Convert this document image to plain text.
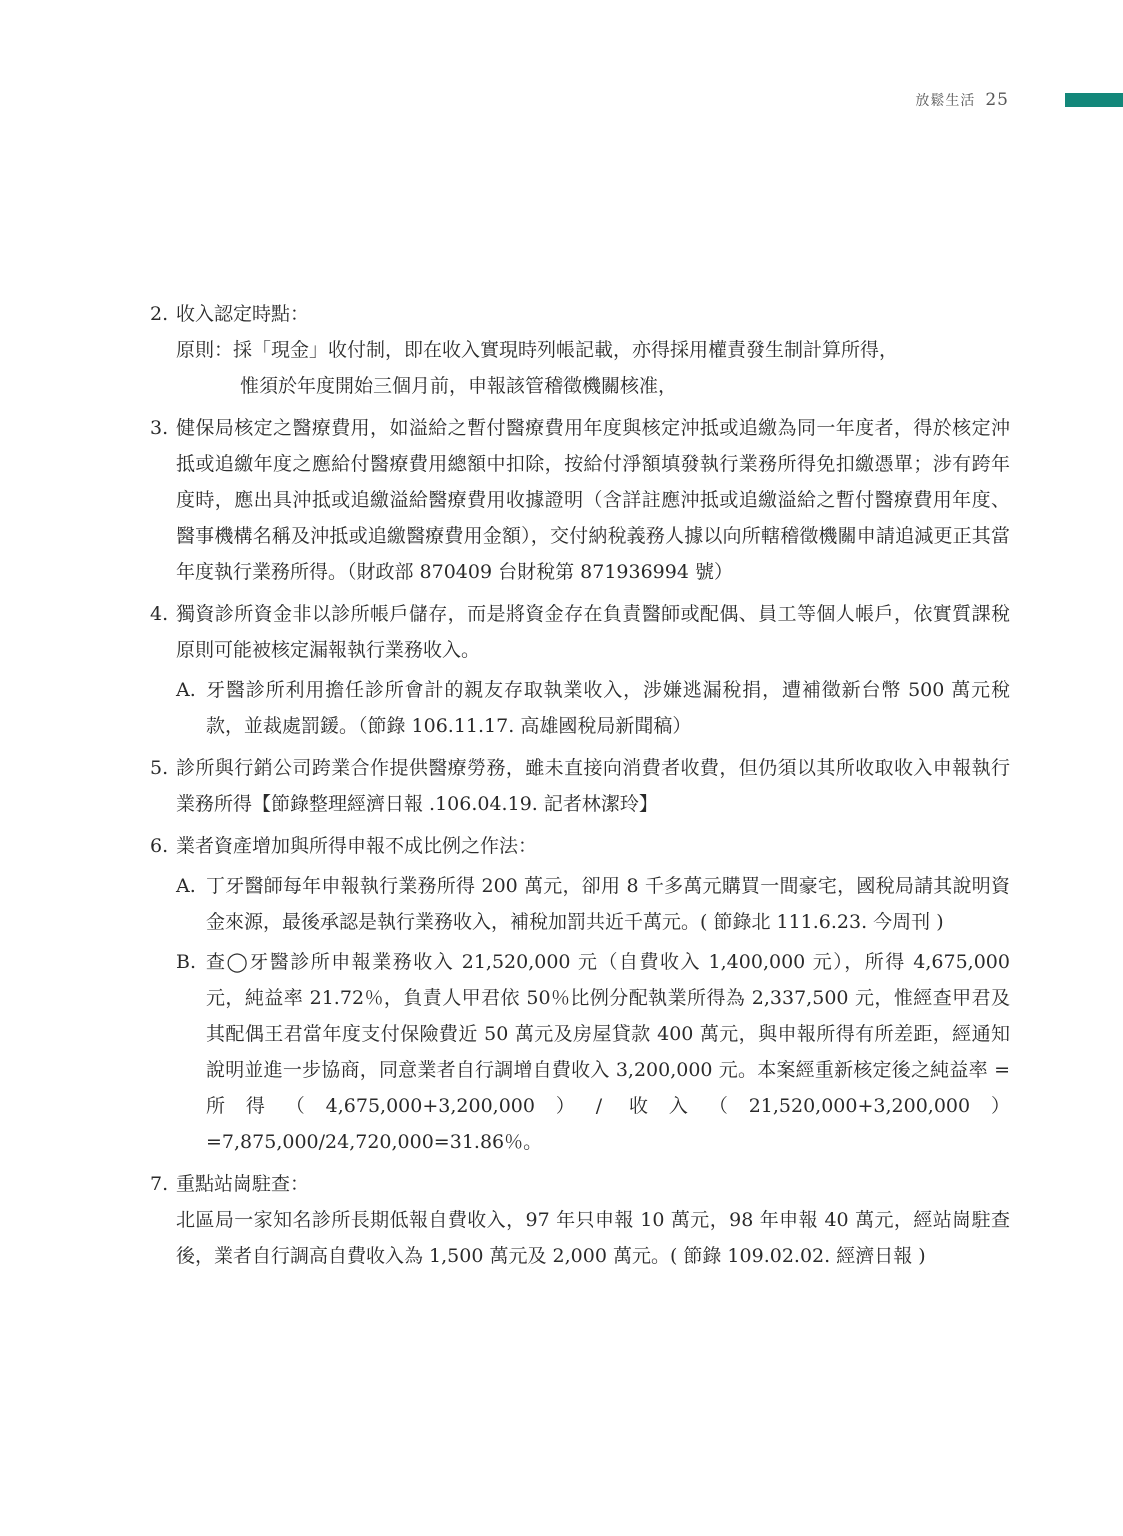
放鬆生活 25
2. 收入認定時點：
原則：採「現金」收付制，即在收入實現時列帳記載，亦得採用權責發生制計算所得，
惟須於年度開始三個月前，申報該管稽徵機關核准，
3. 健保局核定之醫療費用，如溢給之暫付醫療費用年度與核定沖抵或追繳為同一年度者，得於核定沖抵或追繳年度之應給付醫療費用總額中扣除，按給付淨額填發執行業務所得免扣繳憑單；涉有跨年度時，應出具沖抵或追繳溢給醫療費用收據證明（含詳註應沖抵或追繳溢給之暫付醫療費用年度、醫事機構名稱及沖抵或追繳醫療費用金額），交付納稅義務人據以向所轄稽徵機關申請追減更正其當年度執行業務所得。（財政部 870409 台財稅第 871936994 號）
4. 獨資診所資金非以診所帳戶儲存，而是將資金存在負責醫師或配偶、員工等個人帳戶，依實質課稅原則可能被核定漏報執行業務收入。
A. 牙醫診所利用擔任診所會計的親友存取執業收入，涉嫌逃漏稅捐，遭補徵新台幣 500 萬元稅款，並裁處罰鍰。（節錄 106.11.17. 高雄國稅局新聞稿）
5. 診所與行銷公司跨業合作提供醫療勞務，雖未直接向消費者收費，但仍須以其所收取收入申報執行業務所得【節錄整理經濟日報 .106.04.19. 記者林潔玲】
6. 業者資產增加與所得申報不成比例之作法：
A. 丁牙醫師每年申報執行業務所得 200 萬元，卻用 8 千多萬元購買一間豪宅，國稅局請其說明資金來源，最後承認是執行業務收入，補稅加罰共近千萬元。( 節錄北 111.6.23. 今周刊 )
B. 查◯牙醫診所申報業務收入 21,520,000 元（自費收入 1,400,000 元），所得 4,675,000 元，純益率 21.72％，負責人甲君依 50％比例分配執業所得為 2,337,500 元，惟經查甲君及其配偶王君當年度支付保險費近 50 萬元及房屋貸款 400 萬元，與申報所得有所差距，經通知說明並進一步協商，同意業者自行調增自費收入 3,200,000 元。本案經重新核定後之純益率 = 所得（4,675,000+3,200,000）/ 收入（21,520,000+3,200,000）=7,875,000/24,720,000=31.86％。
7. 重點站崗駐查：
北區局一家知名診所長期低報自費收入，97 年只申報 10 萬元，98 年申報 40 萬元，經站崗駐查後，業者自行調高自費收入為 1,500 萬元及 2,000 萬元。( 節錄 109.02.02. 經濟日報 )
